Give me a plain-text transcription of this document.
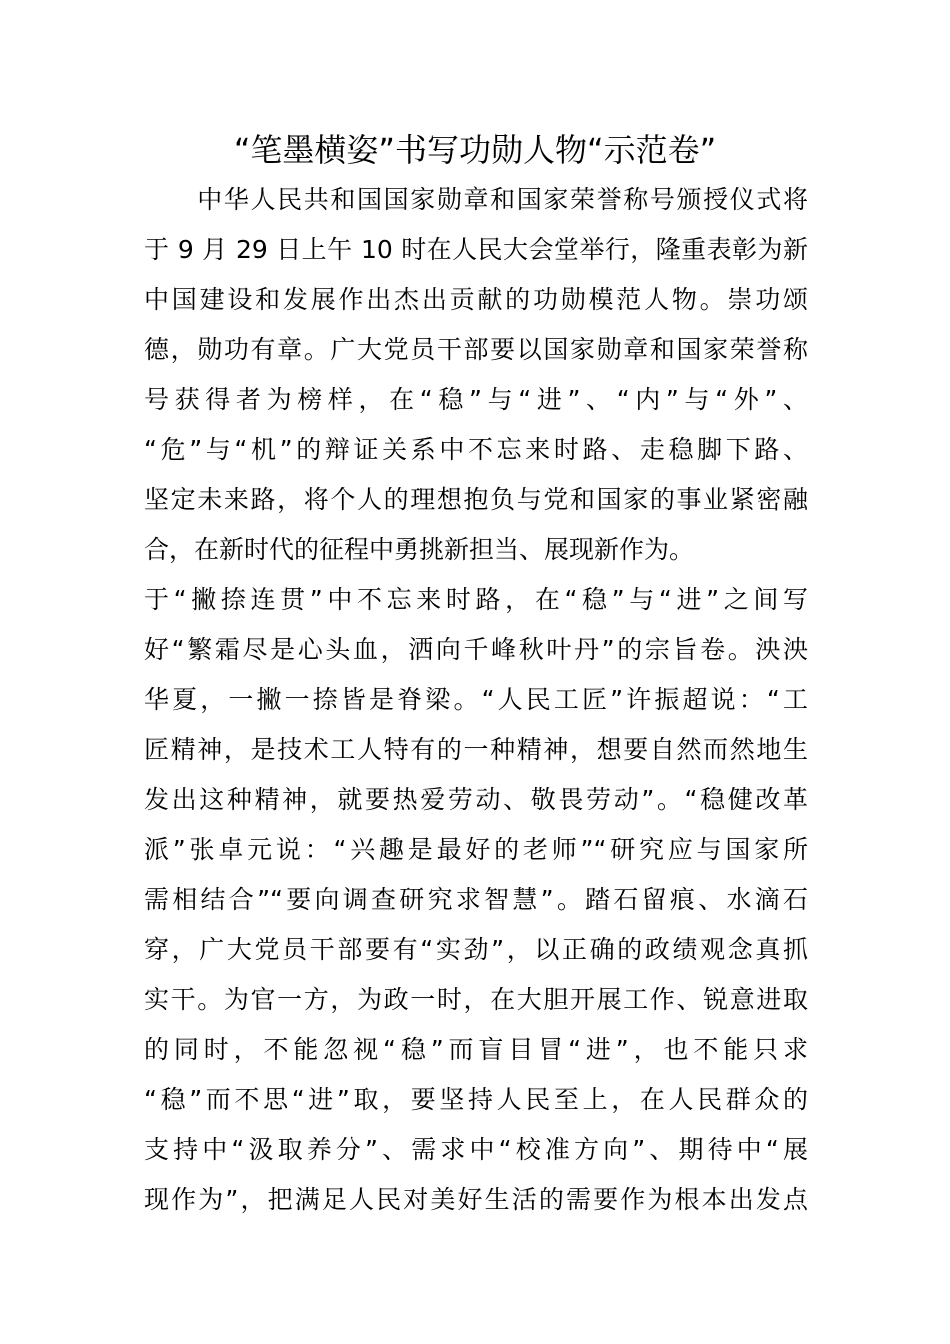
“笔墨横姿”书写功勋人物“示范卷”
　　中华人民共和国国家勋章和国家荣誉称号颁授仪式将
于 9 月 29 日上午 10 时在人民大会堂举行，隆重表彰为新
中国建设和发展作出杰出贡献的功勋模范人物。崇功颂
德，勋功有章。广大党员干部要以国家勋章和国家荣誉称
号获得者为榜样，在“稳”与“进”、“内”与“外”、
“危”与“机”的辩证关系中不忘来时路、走稳脚下路、
坚定未来路，将个人的理想抱负与党和国家的事业紧密融
合，在新时代的征程中勇挑新担当、展现新作为。
于“撇捺连贯”中不忘来时路，在“稳”与“进”之间写
好“繁霜尽是心头血，洒向千峰秋叶丹”的宗旨卷。泱泱
华夏，一撇一捺皆是脊梁。“人民工匠”许振超说：“工
匠精神，是技术工人特有的一种精神，想要自然而然地生
发出这种精神，就要热爱劳动、敬畏劳动”。“稳健改革
派”张卓元说：“兴趣是最好的老师”“研究应与国家所
需相结合”“要向调查研究求智慧”。踏石留痕、水滴石
穿，广大党员干部要有“实劲”，以正确的政绩观念真抓
实干。为官一方，为政一时，在大胆开展工作、锐意进取
的同时，不能忽视“稳”而盲目冒“进”，也不能只求
“稳”而不思“进”取，要坚持人民至上，在人民群众的
支持中“汲取养分”、需求中“校准方向”、期待中“展
现作为”，把满足人民对美好生活的需要作为根本出发点
